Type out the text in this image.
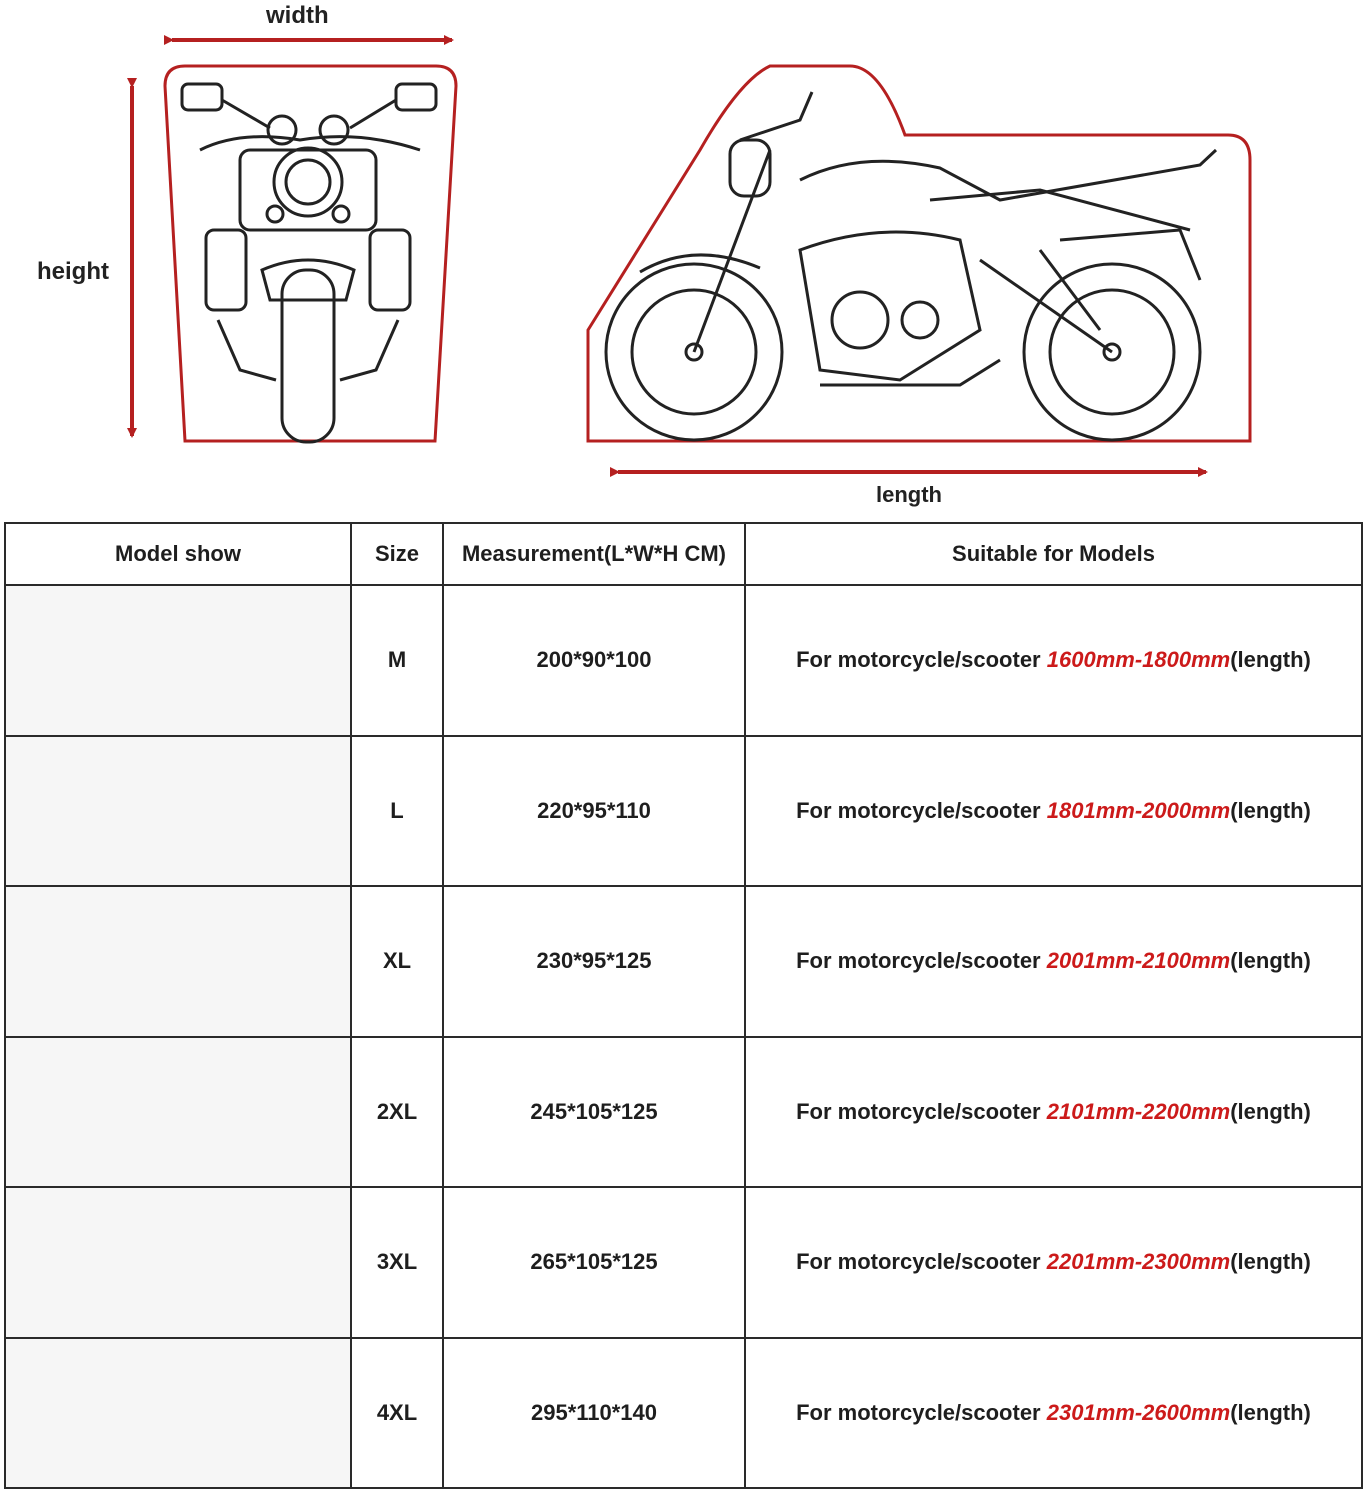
width
height
length
Model show	Size	Measurement(L*W*H CM)	Suitable for Models
	M	200*90*100	For motorcycle/scooter 1600mm-1800mm(length)
	L	220*95*110	For motorcycle/scooter 1801mm-2000mm(length)
	XL	230*95*125	For motorcycle/scooter 2001mm-2100mm(length)
	2XL	245*105*125	For motorcycle/scooter 2101mm-2200mm(length)
	3XL	265*105*125	For motorcycle/scooter 2201mm-2300mm(length)
	4XL	295*110*140	For motorcycle/scooter 2301mm-2600mm(length)
